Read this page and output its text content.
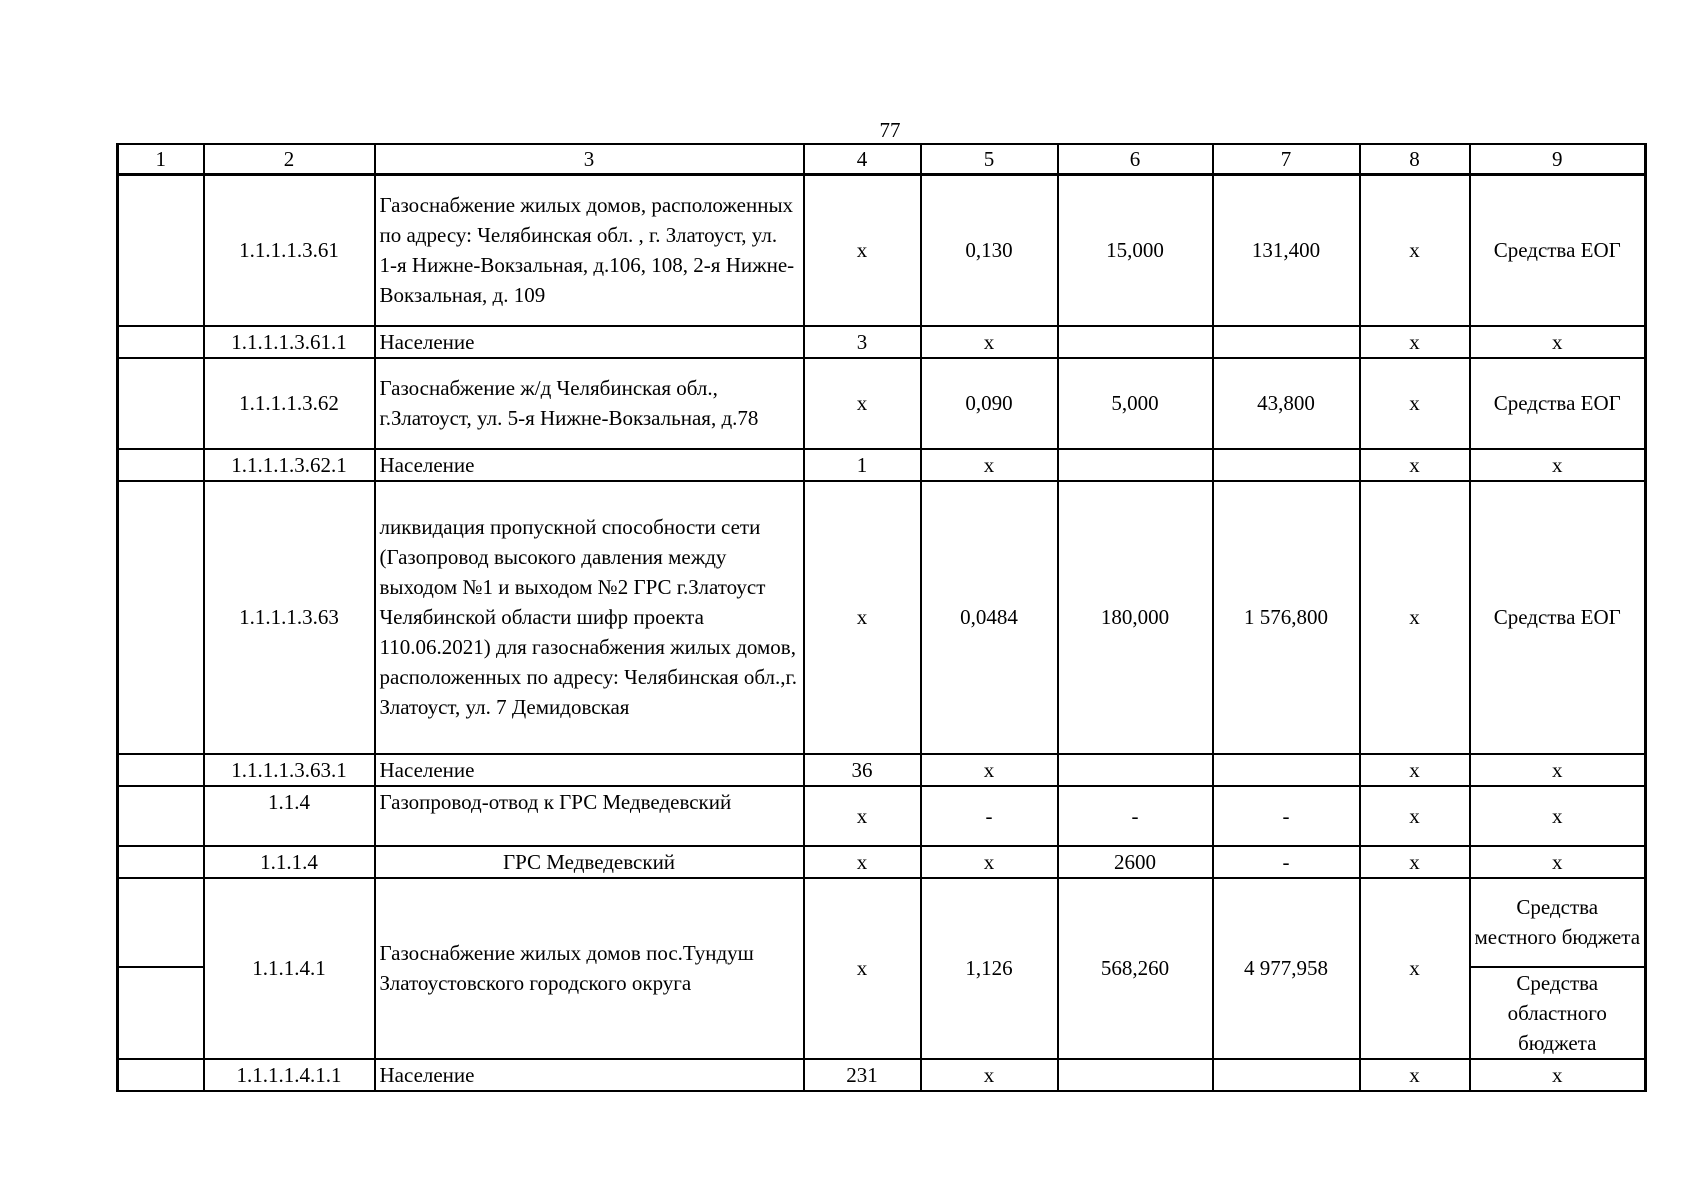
77
1	2	3	4	5	6	7	8	9
	1.1.1.1.3.61	Газоснабжение жилых домов, расположенных по адресу: Челябинская обл. , г. Златоуст, ул. 1-я Нижне-Вокзальная, д.106, 108, 2-я Нижне-Вокзальная, д. 109	х	0,130	15,000	131,400	х	Средства ЕОГ
	1.1.1.1.3.61.1	Население	3	х			х	х
	1.1.1.1.3.62	Газоснабжение ж/д Челябинская обл., г.Златоуст, ул. 5-я Нижне-Вокзальная, д.78	х	0,090	5,000	43,800	х	Средства ЕОГ
	1.1.1.1.3.62.1	Население	1	х			х	х
	1.1.1.1.3.63	ликвидация пропускной способности сети (Газопровод высокого давления между выходом №1 и выходом №2 ГРС г.Златоуст Челябинской области шифр проекта 110.06.2021) для газоснабжения жилых домов, расположенных по адресу: Челябинская обл.,г. Златоуст, ул. 7 Демидовская	х	0,0484	180,000	1 576,800	х	Средства ЕОГ
	1.1.1.1.3.63.1	Население	36	х			х	х
	1.1.4	Газопровод-отвод к ГРС Медведевский	х	-	-	-	х	х
	1.1.1.4	ГРС Медведевский	х	х	2600	-	х	х
	1.1.1.4.1	Газоснабжение жилых домов пос.Тундуш Златоустовского городского округа	х	1,126	568,260	4 977,958	х	Средства местного бюджета
								Средства областного бюджета
	1.1.1.1.4.1.1	Население	231	х			х	х
